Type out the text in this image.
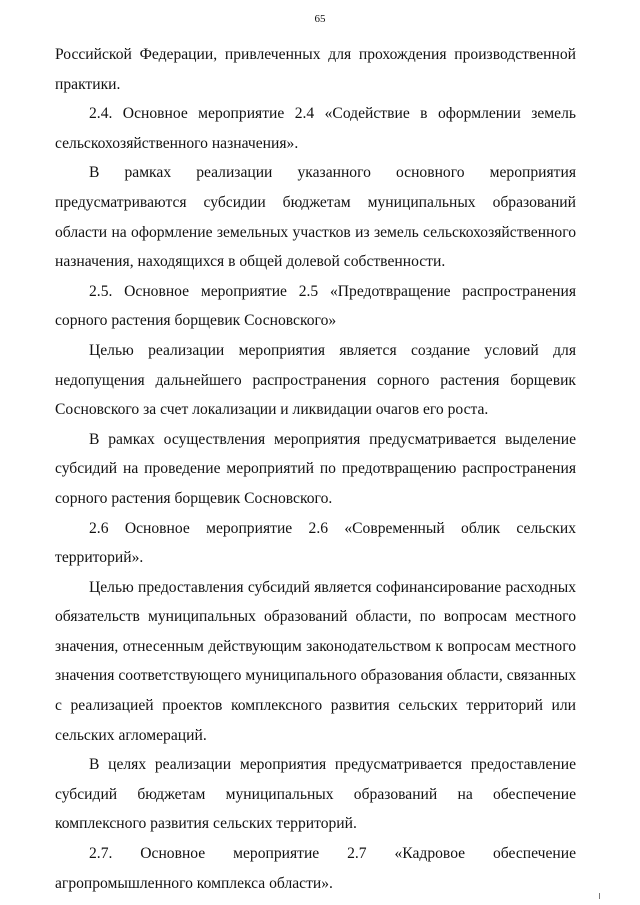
65

Российской Федерации, привлеченных для прохождения производственной практики.

2.4. Основное мероприятие 2.4 «Содействие в оформлении земель сельскохозяйственного назначения».

В рамках реализации указанного основного мероприятия предусматриваются субсидии бюджетам муниципальных образований области на оформление земельных участков из земель сельскохозяйственного назначения, находящихся в общей долевой собственности.

2.5. Основное мероприятие 2.5 «Предотвращение распространения сорного растения борщевик Сосновского»

Целью реализации мероприятия является создание условий для недопущения дальнейшего распространения сорного растения борщевик Сосновского за счет локализации и ликвидации очагов его роста.

В рамках осуществления мероприятия предусматривается выделение субсидий на проведение мероприятий по предотвращению распространения сорного растения борщевик Сосновского.

2.6 Основное мероприятие 2.6 «Современный облик сельских территорий».

Целью предоставления субсидий является софинансирование расходных обязательств муниципальных образований области, по вопросам местного значения, отнесенным действующим законодательством к вопросам местного значения соответствующего муниципального образования области, связанных с реализацией проектов комплексного развития сельских территорий или сельских агломераций.

В целях реализации мероприятия предусматривается предоставление субсидий бюджетам муниципальных образований на обеспечение комплексного развития сельских территорий.

2.7. Основное мероприятие 2.7 «Кадровое обеспечение агропромышленного комплекса области».
